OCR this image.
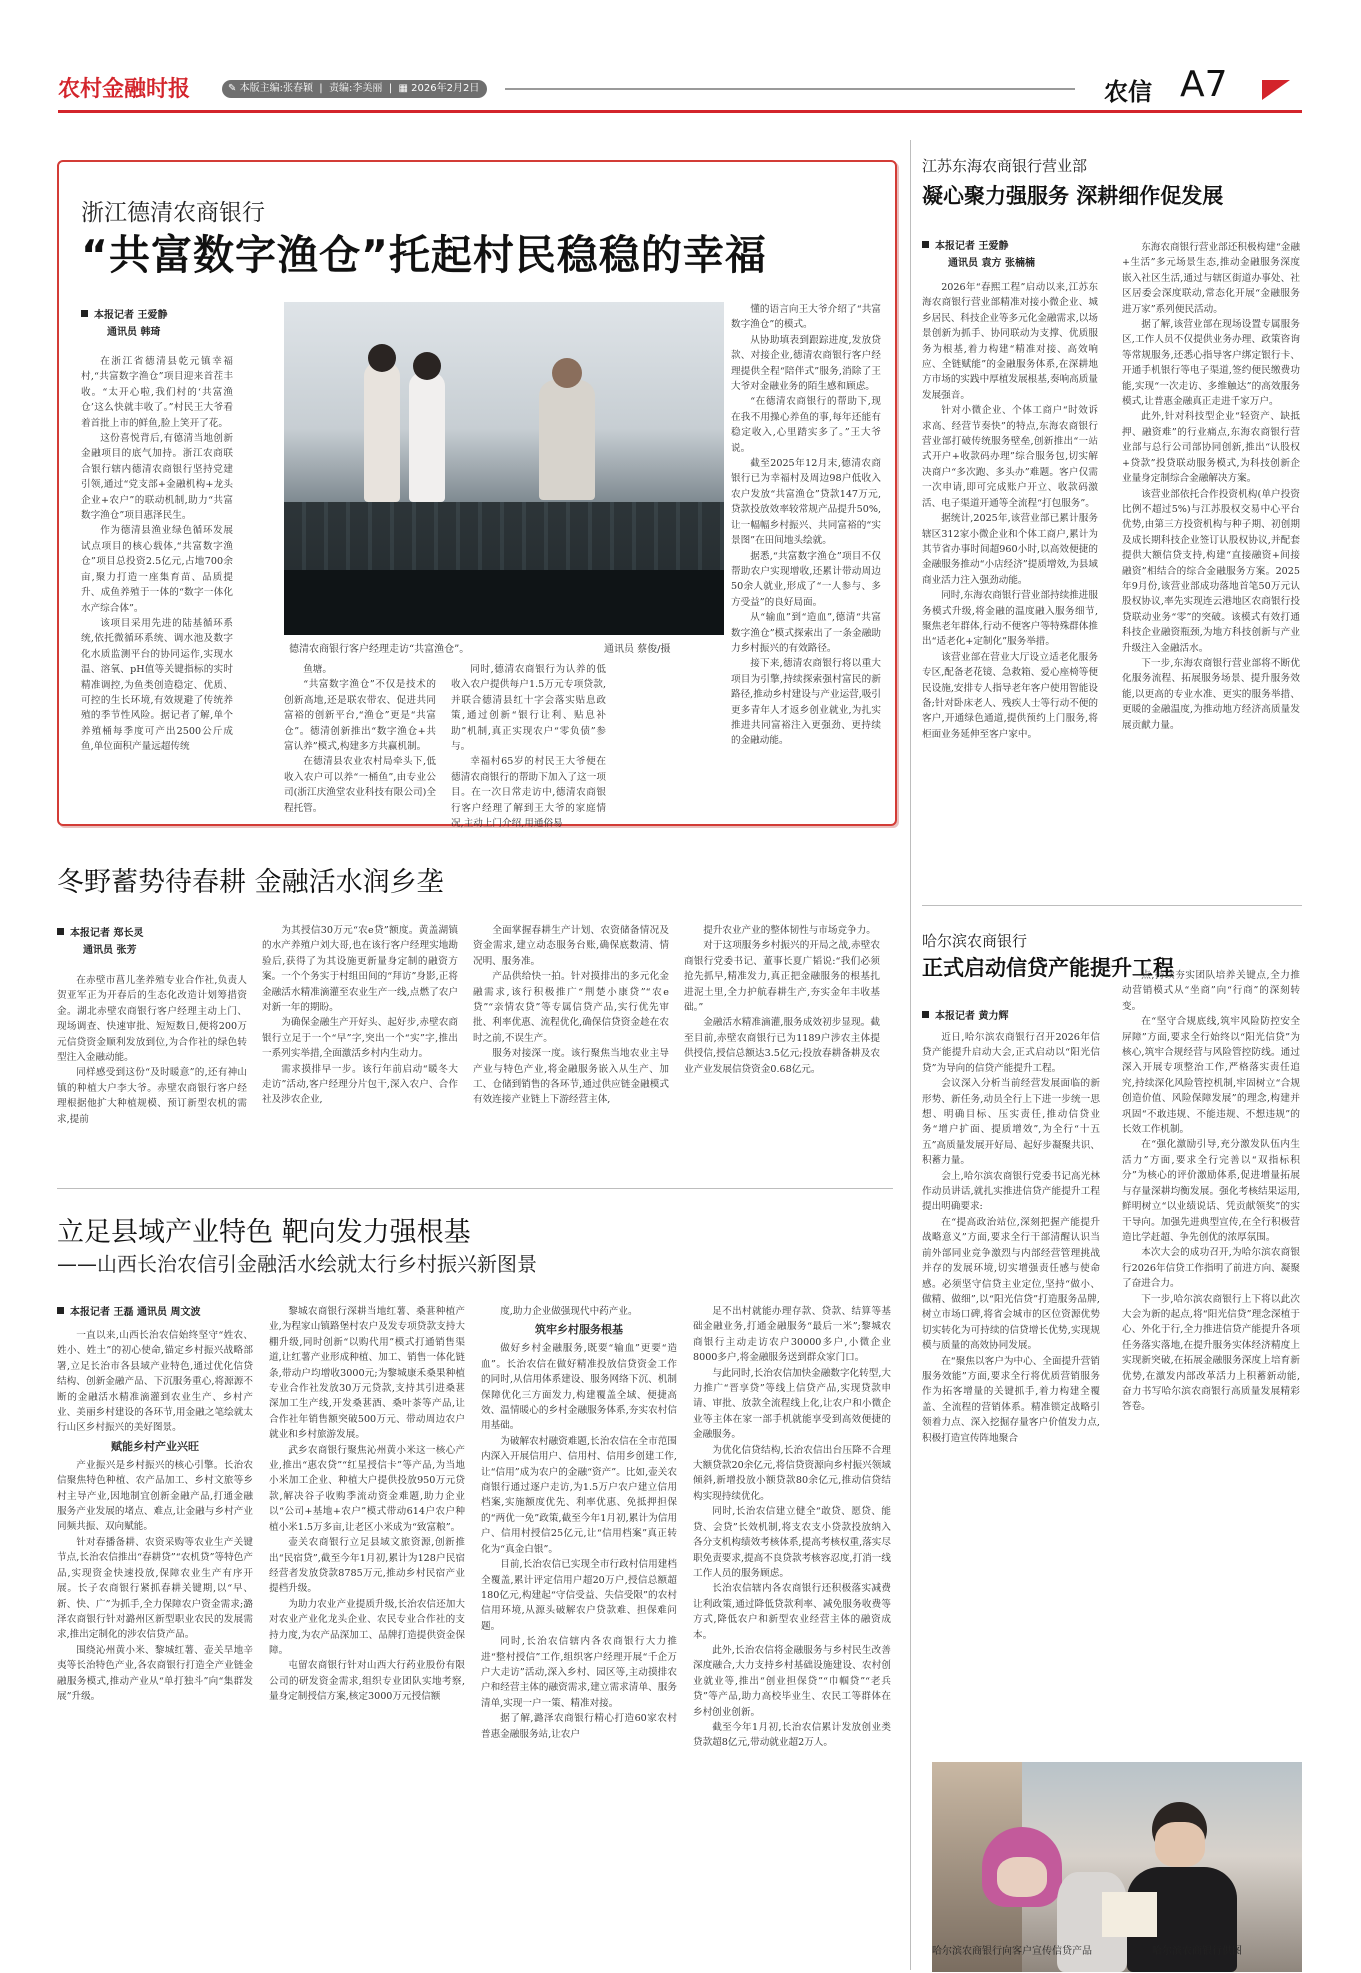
农村金融时报	✎ 本版主编:张春颖  |  责编:李美丽  |  ▦ 2026年2月2日	农信 A7
浙江德清农商银行
“共富数字渔仓”托起村民稳稳的幸福
本报记者 王爱静
通讯员 韩琦

在浙江省德清县乾元镇幸福村,“共富数字渔仓”项目迎来首茬丰收。“太开心啦,我们村的‘共富渔仓’这么快就丰收了。”村民王大爷看着首批上市的鲜鱼,脸上笑开了花。

这份喜悦背后,有德清当地创新金融项目的底气加持。浙江农商联合银行辖内德清农商银行坚持党建引领,通过“党支部+金融机构+龙头企业+农户”的联动机制,助力“共富数字渔仓”项目惠泽民生。

作为德清县渔业绿色循环发展试点项目的核心载体,“共富数字渔仓”项目总投资2.5亿元,占地700余亩,聚力打造一座集育苗、品质提升、成鱼养殖于一体的“数字一体化水产综合体”。

该项目采用先进的陆基循环系统,依托微循环系统、调水池及数字化水质监测平台的协同运作,实现水温、溶氧、pH值等关键指标的实时精准调控,为鱼类创造稳定、优质、可控的生长环境,有效规避了传统养殖的季节性风险。据记者了解,单个养殖桶每季度可产出2500公斤成鱼,单位面积产量远超传统

德清农商银行客户经理走访“共富渔仓”。	通讯员 蔡俊/摄

鱼塘。

“共富数字渔仓”不仅是技术的创新高地,还是联农带农、促进共同富裕的创新平台,“渔仓”更是“共富仓”。德清创新推出“数字渔仓+共富认养”模式,构建多方共赢机制。

在德清县农业农村局牵头下,低收入农户可以养“一桶鱼”,由专业公司(浙江庆渔堂农业科技有限公司)全程托管。

同时,德清农商银行为认养的低收入农户提供每户1.5万元专项贷款,并联合德清县红十字会落实贴息政策,通过创新“银行让利、贴息补助”机制,真正实现农户“零负债”参与。

幸福村65岁的村民王大爷便在德清农商银行的帮助下加入了这一项目。在一次日常走访中,德清农商银行客户经理了解到王大爷的家庭情况,主动上门介绍,用通俗易

懂的语言向王大爷介绍了“共富数字渔仓”的模式。

从协助填表到跟踪进度,发放贷款、对接企业,德清农商银行客户经理提供全程“陪伴式”服务,消除了王大爷对金融业务的陌生感和顾虑。

“在德清农商银行的帮助下,现在我不用操心养鱼的事,每年还能有稳定收入,心里踏实多了。”王大爷说。

截至2025年12月末,德清农商银行已为幸福村及周边98户低收入农户发放“共富渔仓”贷款147万元,贷款投放效率较常规产品提升50%,让一幅幅乡村振兴、共同富裕的“实景图”在田间地头绘就。

据悉,“共富数字渔仓”项目不仅帮助农户实现增收,还累计带动周边50余人就业,形成了“一人参与、多方受益”的良好局面。

从“输血”到“造血”,德清“共富数字渔仓”模式探索出了一条金融助力乡村振兴的有效路径。

接下来,德清农商银行将以重大项目为引擎,持续探索强村富民的新路径,推动乡村建设与产业运营,吸引更多青年人才返乡创业就业,为扎实推进共同富裕注入更强劲、更持续的金融动能。

江苏东海农商银行营业部
凝心聚力强服务 深耕细作促发展
本报记者 王爱静
通讯员 袁方 张楠楠

2026年“春熙工程”启动以来,江苏东海农商银行营业部精准对接小微企业、城乡居民、科技企业等多元化金融需求,以场景创新为抓手、协同联动为支撑、优质服务为根基,着力构建“精准对接、高效响应、全链赋能”的金融服务体系,在深耕地方市场的实践中厚植发展根基,奏响高质量发展强音。

针对小微企业、个体工商户“时效诉求高、经营节奏快”的特点,东海农商银行营业部打破传统服务壁垒,创新推出“一站式开户+收款码办理”综合服务包,切实解决商户“多次跑、多头办”难题。客户仅需一次申请,即可完成账户开立、收款码激活、电子渠道开通等全流程“打包服务”。

据统计,2025年,该营业部已累计服务辖区312家小微企业和个体工商户,累计为其节省办事时间超960小时,以高效便捷的金融服务推动“小店经济”提质增效,为县域商业活力注入强劲动能。

同时,东海农商银行营业部持续推进服务模式升级,将金融的温度融入服务细节,聚焦老年群体,行动不便客户等特殊群体推出“适老化+定制化”服务举措。

该营业部在营业大厅设立适老化服务专区,配备老花镜、急救箱、爱心座椅等便民设施,安排专人指导老年客户使用智能设备;针对卧床老人、残疾人士等行动不便的客户,开通绿色通道,提供预约上门服务,将柜面业务延伸至客户家中。

东海农商银行营业部还积极构建“金融+生活”多元场景生态,推动金融服务深度嵌入社区生活,通过与辖区街道办事处、社区居委会深度联动,常态化开展“金融服务进万家”系列便民活动。

据了解,该营业部在现场设置专属服务区,工作人员不仅提供业务办理、政策咨询等常规服务,还悉心指导客户绑定银行卡、开通手机银行等电子渠道,签约便民缴费功能,实现“一次走访、多维触达”的高效服务模式,让普惠金融真正走进千家万户。

此外,针对科技型企业“轻资产、缺抵押、融资难”的行业痛点,东海农商银行营业部与总行公司部协同创新,推出“认股权+贷款”投贷联动服务模式,为科技创新企业量身定制综合金融解决方案。

该营业部依托合作投资机构(单户投资比例不超过5%)与江苏股权交易中心平台优势,由第三方投资机构与种子期、初创期及成长期科技企业签订认股权协议,并配套提供大额信贷支持,构建“直接融资+间接融资”相结合的综合金融服务方案。2025年9月份,该营业部成功落地首笔50万元认股权协议,率先实现连云港地区农商银行投贷联动业务“零”的突破。该模式有效打通科技企业融资瓶颈,为地方科技创新与产业升级注入金融活水。

下一步,东海农商银行营业部将不断优化服务流程、拓展服务场景、提升服务效能,以更高的专业水准、更实的服务举措、更暖的金融温度,为推动地方经济高质量发展贡献力量。

冬野蓄势待春耕 金融活水润乡垄
本报记者 郑长灵
通讯员 张芳

在赤壁市菖儿垄养殖专业合作社,负责人贺亚军正为开春后的生态化改造计划筹措资金。湖北赤壁农商银行客户经理主动上门、现场调查、快速审批、短短数日,便将200万元信贷资金顺利发放到位,为合作社的绿色转型注入金融动能。

同样感受到这份“及时暖意”的,还有神山镇的种植大户李大爷。赤壁农商银行客户经理根据他扩大种植规模、预订新型农机的需求,提前

为其授信30万元“农e贷”额度。黄盖湖镇的水产养殖户刘大哥,也在该行客户经理实地勘验后,获得了为其设施更新量身定制的融资方案。一个个务实于村组田间的“拜访”身影,正将金融活水精准滴灌至农业生产一线,点燃了农户对新一年的期盼。

为确保金融生产开好头、起好步,赤壁农商银行立足于一个“早”字,突出一个“实”字,推出一系列实举措,全面激活乡村内生动力。

需求摸排早一步。该行年前启动“暖冬大走访”活动,客户经理分片包干,深入农户、合作社及涉农企业,

全面掌握春耕生产计划、农资储备情况及资金需求,建立动态服务台账,确保底数清、情况明、服务准。

产品供给快一拍。针对摸排出的多元化金融需求,该行积极推广“荆楚小康贷”“农e贷”“亲情农贷”等专属信贷产品,实行优先审批、利率优惠、流程优化,确保信贷资金趁在农时之前,不误生产。

服务对接深一度。该行聚焦当地农业主导产业与特色产业,将金融服务嵌入从生产、加工、仓储到销售的各环节,通过供应链金融模式有效连接产业链上下游经营主体,

提升农业产业的整体韧性与市场竞争力。

对于这项服务乡村振兴的开局之战,赤壁农商银行党委书记、董事长夏广韬说:“我们必须抢先抓早,精准发力,真正把金融服务的根基扎进泥土里,全力护航春耕生产,夯实金年丰收基础。”

金融活水精准滴灌,服务成效初步显现。截至目前,赤壁农商银行已为1189户涉农主体提供授信,授信总额达3.5亿元;投放春耕备耕及农业产业发展信贷资金0.68亿元。

哈尔滨农商银行
正式启动信贷产能提升工程
本报记者 黄力辉

近日,哈尔滨农商银行召开2026年信贷产能提升启动大会,正式启动以“阳光信贷”为导向的信贷产能提升工程。

会议深入分析当前经营发展面临的新形势、新任务,动员全行上下进一步统一思想、明确目标、压实责任,推动信贷业务“增户扩面、提质增效”,为全行“十五五”高质量发展开好局、起好步凝聚共识、积蓄力量。

会上,哈尔滨农商银行党委书记高光林作动员讲话,就扎实推进信贷产能提升工程提出明确要求:

在“提高政治站位,深刻把握产能提升战略意义”方面,要求全行干部清醒认识当前外部同业竞争激烈与内部经营管理挑战并存的发展环境,切实增强责任感与使命感。必须坚守信贷主业定位,坚持“做小、做精、做细”,以“阳光信贷”打造服务品牌,树立市场口碑,将省会城市的区位资源优势切实转化为可持续的信贷增长优势,实现规模与质量的高效协同发展。

在“聚焦以客户为中心、全面提升营销服务效能”方面,要求全行将优质营销服务作为拓客增量的关键抓手,着力构建全覆盖、全流程的营销体系。精准锁定战略引领着力点、深入挖掘存量客户价值发力点,积极打造宣传阵地聚合

点,持续夯实团队培养关键点,全力推动营销模式从“坐商”向“行商”的深刻转变。

在“坚守合规底线,筑牢风险防控安全屏障”方面,要求全行始终以“阳光信贷”为核心,筑牢合规经营与风险管控防线。通过深入开展专项整治工作,严格落实责任追究,持续深化风险管控机制,牢固树立“合规创造价值、风险保障发展”的理念,构建并巩固“不敢违规、不能违规、不想违规”的长效工作机制。

在“强化激励引导,充分激发队伍内生活力”方面,要求全行完善以“双指标积分”为核心的评价激励体系,促进增量拓展与存量深耕均衡发展。强化考核结果运用,鲜明树立“以业绩说话、凭贡献领奖”的实干导向。加强先进典型宣传,在全行积极营造比学赶超、争先创优的浓厚氛围。

本次大会的成功召开,为哈尔滨农商银行2026年信贷工作指明了前进方向、凝聚了奋进合力。

下一步,哈尔滨农商银行上下将以此次大会为新的起点,将“阳光信贷”理念深植于心、外化于行,全力推进信贷产能提升各项任务落实落地,在提升服务实体经济精度上实现新突破,在拓展金融服务深度上培育新优势,在激发内部改革活力上积蓄新动能,奋力书写哈尔滨农商银行高质量发展精彩答卷。

哈尔滨农商银行向客户宣传信贷产品	哈尔滨农商银行供图
立足县域产业特色 靶向发力强根基
——山西长治农信引金融活水绘就太行乡村振兴新图景
本报记者 王磊 通讯员 周文波

一直以来,山西长治农信始终坚守“姓农、姓小、姓土”的初心使命,锚定乡村振兴战略部署,立足长治市各县域产业特色,通过优化信贷结构、创新金融产品、下沉服务重心,将源源不断的金融活水精准滴灌到农业生产、乡村产业、美丽乡村建设的各环节,用金融之笔绘就太行山区乡村振兴的美好图景。

赋能乡村产业兴旺

产业振兴是乡村振兴的核心引擎。长治农信聚焦特色种植、农产品加工、乡村文旅等乡村主导产业,因地制宜创新金融产品,打通金融服务产业发展的堵点、难点,让金融与乡村产业同频共振、双向赋能。

针对春播备耕、农资采购等农业生产关键节点,长治农信推出“春耕贷”“农机贷”等特色产品,实现资金快速投放,保障农业生产有序开展。长子农商银行紧抓春耕关键期,以“早、新、快、广”为抓手,全力保障农户资金需求;潞泽农商银行针对潞州区新型职业农民的发展需求,推出定制化的涉农信贷产品。

围绕沁州黄小米、黎城红薯、壶关旱地辛夷等长治特色产业,各农商银行打造全产业链金融服务模式,推动产业从“单打独斗”向“集群发展”升级。

黎城农商银行深耕当地红薯、桑葚种植产业,为程家山镇路堡村农户及发专项贷款支持大棚升级,同时创新“以购代用”模式打通销售渠道,让红薯产业形成种植、加工、销售一体化链条,带动户均增收3000元;为黎城康禾桑果种植专业合作社发放30万元贷款,支持其引进桑葚深加工生产线,开发桑葚酒、桑叶茶等产品,让合作社年销售额突破500万元、带动周边农户就业和乡村旅游发展。

武乡农商银行聚焦沁州黄小米这一核心产业,推出“惠农贷”“红星授信卡”等产品,为当地小米加工企业、种植大户提供投放950万元贷款,解决谷子收购季流动资金难题,助力企业以“公司+基地+农户”模式带动614户农户种植小米1.5万多亩,让老区小米成为“致富粮”。

壶关农商银行立足县域文旅资源,创新推出“民宿贷”,截至今年1月初,累计为128户民宿经营者发放贷款8785万元,推动乡村民宿产业提档升级。

为助力农业产业提质升级,长治农信还加大对农业产业化龙头企业、农民专业合作社的支持力度,为农产品深加工、品牌打造提供资金保障。

屯留农商银行针对山西大行药业股份有限公司的研发资金需求,组织专业团队实地考察,量身定制授信方案,核定3000万元授信额

度,助力企业做强现代中药产业。

筑牢乡村服务根基

做好乡村金融服务,既要“输血”更要“造血”。长治农信在做好精准投放信贷资金工作的同时,从信用体系建设、服务网络下沉、机制保障优化三方面发力,构建覆盖全域、便捷高效、温情暖心的乡村金融服务体系,夯实农村信用基础。

为破解农村融资难题,长治农信在全市范围内深入开展信用户、信用村、信用乡创建工作,让“信用”成为农户的金融“资产”。比如,壶关农商银行通过逐户走访,为1.5万户农户建立信用档案,实施额度优先、利率优惠、免抵押担保的“两优一免”政策,截至今年1月初,累计为信用户、信用村授信25亿元,让“信用档案”真正转化为“真金白银”。

目前,长治农信已实现全市行政村信用建档全覆盖,累计评定信用户超20万户,授信总额超180亿元,构建起“守信受益、失信受限”的农村信用环境,从源头破解农户贷款难、担保难问题。

同时,长治农信辖内各农商银行大力推进“整村授信”工作,组织客户经理开展“千企万户大走访”活动,深入乡村、园区等,主动摸排农户和经营主体的融资需求,建立需求清单、服务清单,实现一户一策、精准对接。

据了解,潞泽农商银行精心打造60家农村普惠金融服务站,让农户

足不出村就能办理存款、贷款、结算等基础金融业务,打通金融服务“最后一米”;黎城农商银行主动走访农户30000多户,小微企业8000多户,将金融服务送到群众家门口。

与此同时,长治农信加快金融数字化转型,大力推广“晋享贷”等线上信贷产品,实现贷款申请、审批、放款全流程线上化,让农户和小微企业等主体在家一部手机就能享受到高效便捷的金融服务。

为优化信贷结构,长治农信出台压降不合理大额贷款20余亿元,将信贷资源向乡村振兴领域倾斜,新增投放小额贷款80余亿元,推动信贷结构实现持续优化。

同时,长治农信建立健全“敢贷、愿贷、能贷、会贷”长效机制,将支农支小贷款投放纳入各分支机构绩效考核体系,提高考核权重,落实尽职免责要求,提高不良贷款考核容忍度,打消一线工作人员的服务顾虑。

长治农信辖内各农商银行还积极落实减费让利政策,通过降低贷款利率、减免服务收费等方式,降低农户和新型农业经营主体的融资成本。

此外,长治农信将金融服务与乡村民生改善深度融合,大力支持乡村基础设施建设、农村创业就业等,推出“创业担保贷”“巾帼贷”“老兵贷”等产品,助力高校毕业生、农民工等群体在乡村创业创新。

截至今年1月初,长治农信累计发放创业类贷款超8亿元,带动就业超2万人。
